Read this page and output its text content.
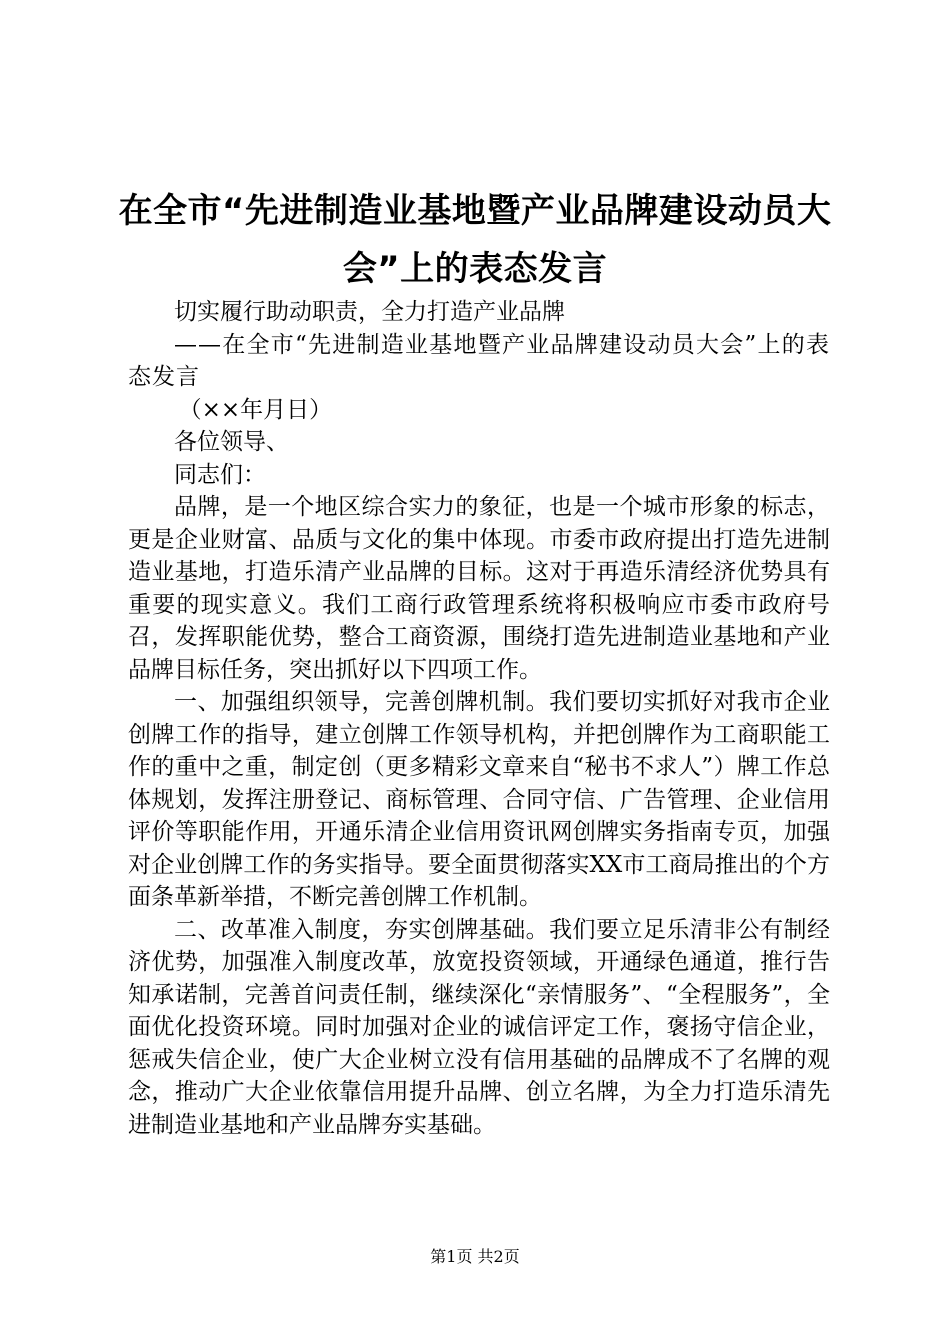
在全市“先进制造业基地暨产业品牌建设动员大会”上的表态发言

切实履行助动职责，全力打造产业品牌

——在全市“先进制造业基地暨产业品牌建设动员大会”上的表态发言

（××年月日）

各位领导、

同志们：

品牌，是一个地区综合实力的象征，也是一个城市形象的标志，更是企业财富、品质与文化的集中体现。市委市政府提出打造先进制造业基地，打造乐清产业品牌的目标。这对于再造乐清经济优势具有重要的现实意义。我们工商行政管理系统将积极响应市委市政府号召，发挥职能优势，整合工商资源，围绕打造先进制造业基地和产业品牌目标任务，突出抓好以下四项工作。

一、加强组织领导，完善创牌机制。我们要切实抓好对我市企业创牌工作的指导，建立创牌工作领导机构，并把创牌作为工商职能工作的重中之重，制定创（更多精彩文章来自“秘书不求人”）牌工作总体规划，发挥注册登记、商标管理、合同守信、广告管理、企业信用评价等职能作用，开通乐清企业信用资讯网创牌实务指南专页，加强对企业创牌工作的务实指导。要全面贯彻落实XX市工商局推出的个方面条革新举措，不断完善创牌工作机制。

二、改革准入制度，夯实创牌基础。我们要立足乐清非公有制经济优势，加强准入制度改革，放宽投资领域，开通绿色通道，推行告知承诺制，完善首问责任制，继续深化“亲情服务”、“全程服务”，全面优化投资环境。同时加强对企业的诚信评定工作，褒扬守信企业，惩戒失信企业，使广大企业树立没有信用基础的品牌成不了名牌的观念，推动广大企业依靠信用提升品牌、创立名牌，为全力打造乐清先进制造业基地和产业品牌夯实基础。

第1页 共2页
